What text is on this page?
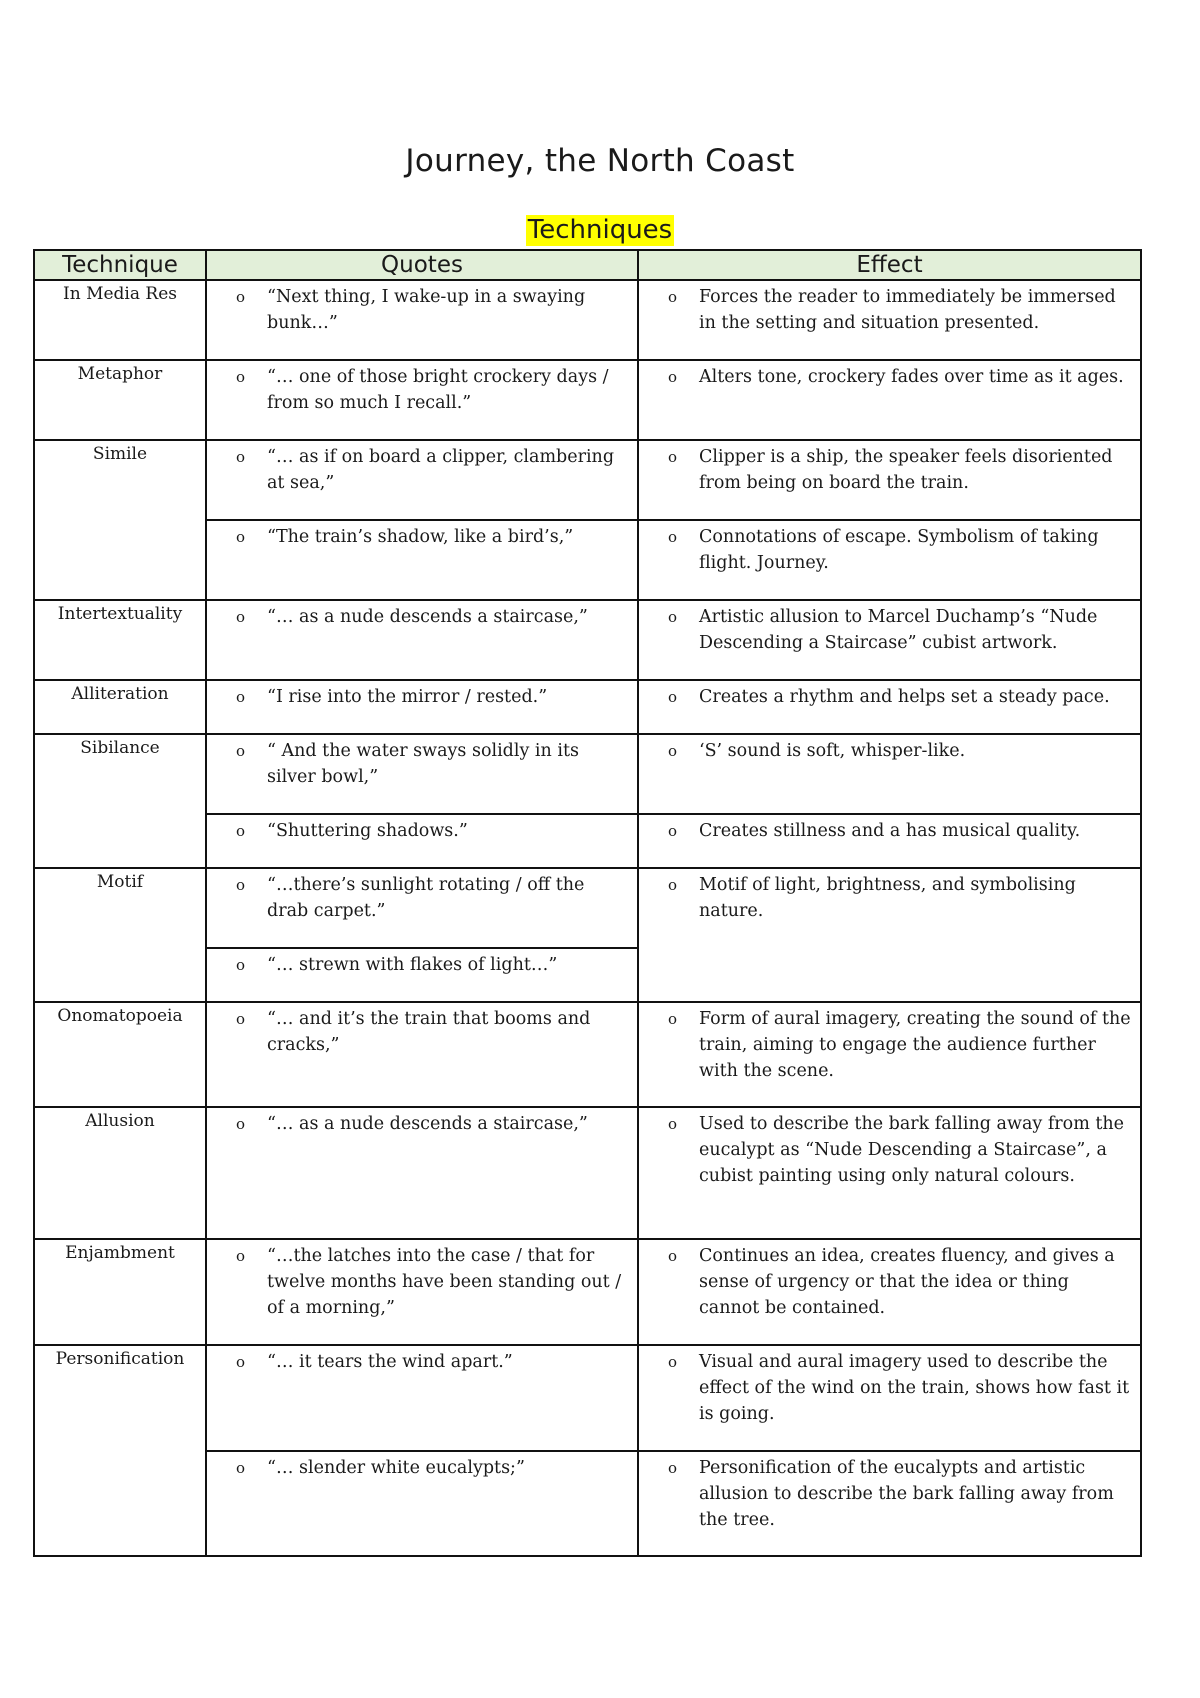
Journey, the North Coast
Techniques
Technique	Quotes	Effect
In Media Res	o “Next thing, I wake-up in a swaying bunk…”	o Forces the reader to immediately be immersed in the setting and situation presented.

Metaphor	o “… one of those bright crockery days / from so much I recall.”	o Alters tone, crockery fades over time as it ages.

Simile	o “… as if on board a clipper, clambering at sea,”	o Clipper is a ship, the speaker feels disoriented from being on board the train.

	o “The train’s shadow, like a bird’s,”	o Connotations of escape. Symbolism of taking flight. Journey.

Intertextuality	o “… as a nude descends a staircase,”	o Artistic allusion to Marcel Duchamp’s “Nude Descending a Staircase” cubist artwork.

Alliteration	o “I rise into the mirror / rested.”	o Creates a rhythm and helps set a steady pace.

Sibilance	o “ And the water sways solidly in its silver bowl,”	o ‘S’ sound is soft, whisper-like.

	o “Shuttering shadows.”	o Creates stillness and a has musical quality.

Motif	o “…there’s sunlight rotating / off the drab carpet.”	o Motif of light, brightness, and symbolising nature.

	o “… strewn with flakes of light…”	

Onomatopoeia	o “… and it’s the train that booms and cracks,”	o Form of aural imagery, creating the sound of the train, aiming to engage the audience further with the scene.

Allusion	o “… as a nude descends a staircase,”	o Used to describe the bark falling away from the eucalypt as “Nude Descending a Staircase”, a cubist painting using only natural colours.

Enjambment	o “…the latches into the case / that for twelve months have been standing out / of a morning,”	o Continues an idea, creates fluency, and gives a sense of urgency or that the idea or thing cannot be contained.

Personification	o “… it tears the wind apart.”	o Visual and aural imagery used to describe the effect of the wind on the train, shows how fast it is going.

	o “… slender white eucalypts;”	o Personification of the eucalypts and artistic allusion to describe the bark falling away from the tree.
